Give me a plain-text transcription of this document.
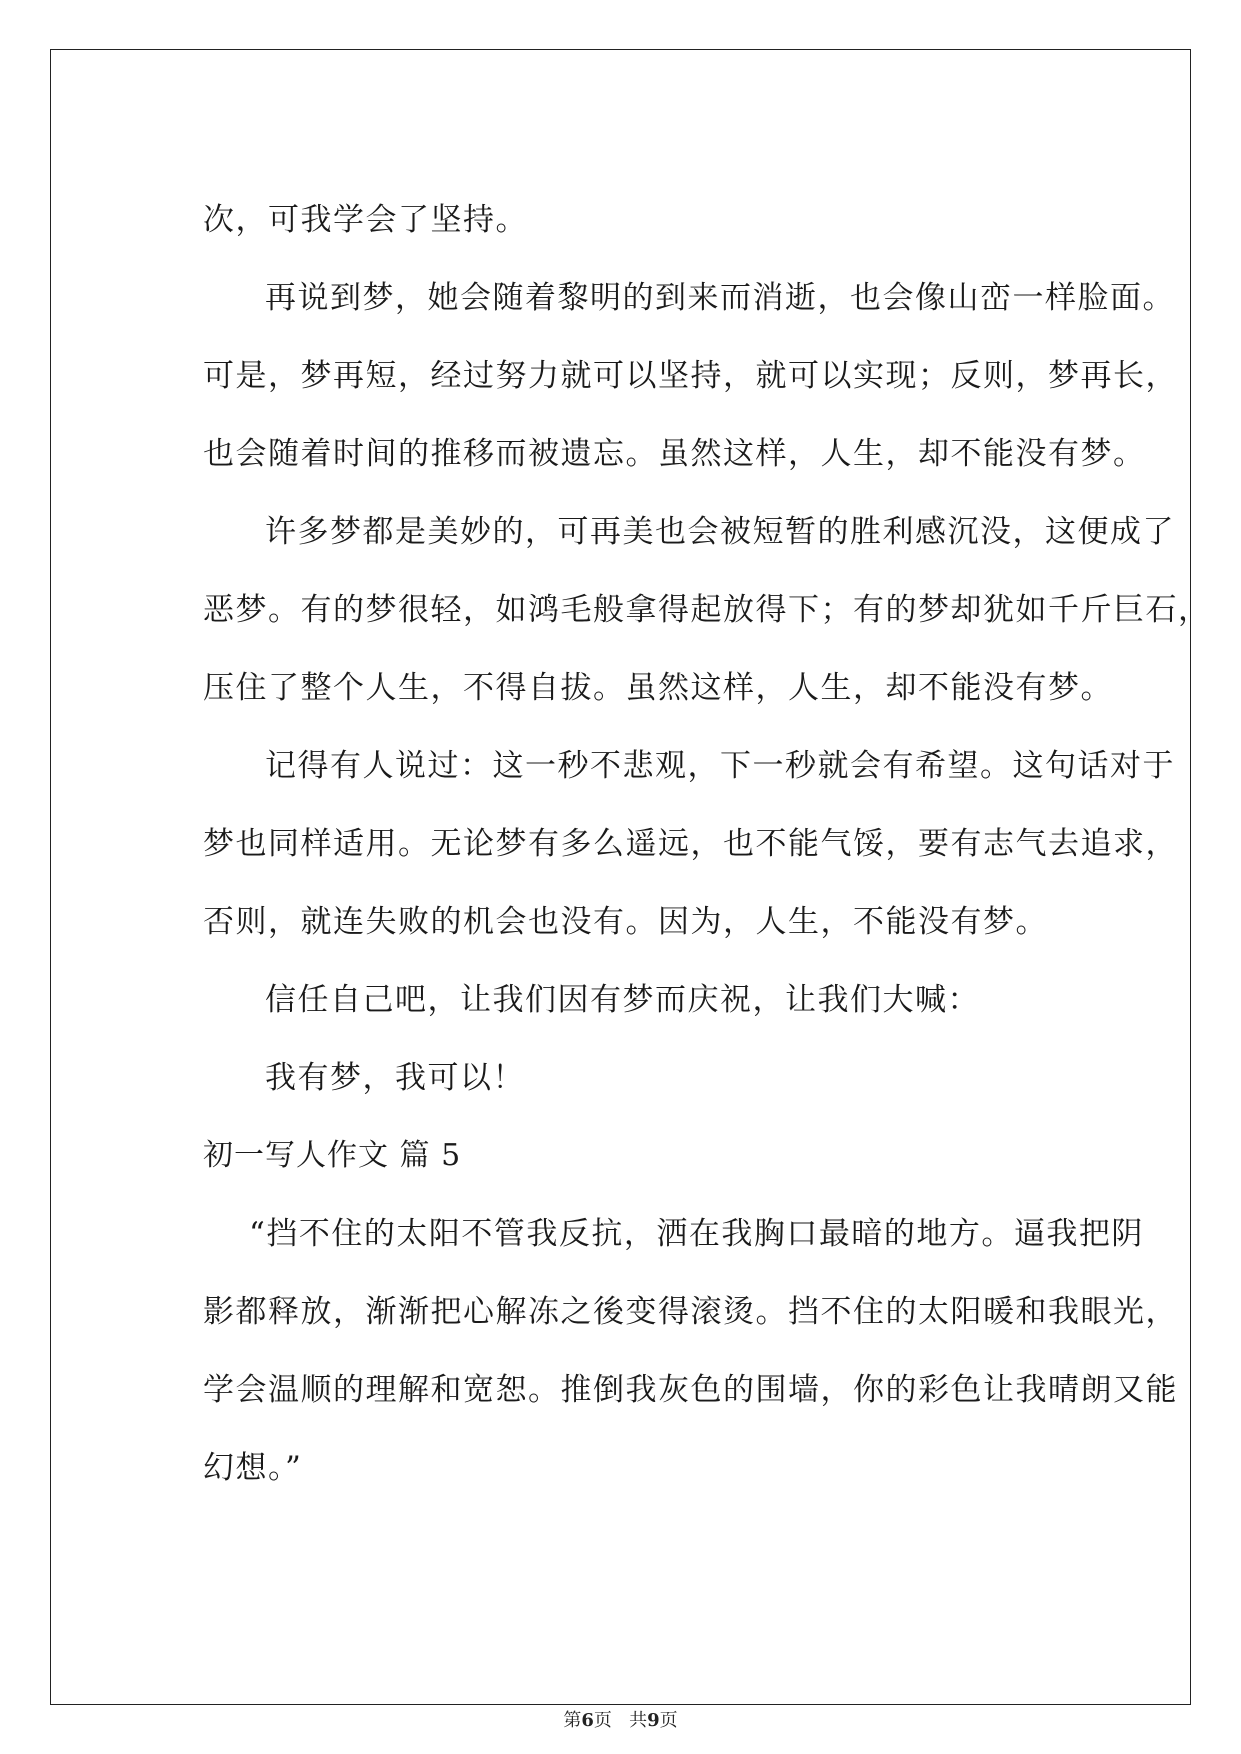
次，可我学会了坚持。
再说到梦，她会随着黎明的到来而消逝，也会像山峦一样脸面。
可是，梦再短，经过努力就可以坚持，就可以实现；反则，梦再长，
也会随着时间的推移而被遗忘。虽然这样，人生，却不能没有梦。
许多梦都是美妙的，可再美也会被短暂的胜利感沉没，这便成了
恶梦。有的梦很轻，如鸿毛般拿得起放得下；有的梦却犹如千斤巨石，
压住了整个人生，不得自拔。虽然这样，人生，却不能没有梦。
记得有人说过：这一秒不悲观，下一秒就会有希望。这句话对于
梦也同样适用。无论梦有多么遥远，也不能气馁，要有志气去追求，
否则，就连失败的机会也没有。因为，人生，不能没有梦。
信任自己吧，让我们因有梦而庆祝，让我们大喊：
我有梦，我可以！
初一写人作文 篇 5
“挡不住的太阳不管我反抗，洒在我胸口最暗的地方。逼我把阴
影都释放，渐渐把心解冻之後变得滚烫。挡不住的太阳暖和我眼光，
学会温顺的理解和宽恕。推倒我灰色的围墙，你的彩色让我晴朗又能
幻想。”
第6页   共9页
